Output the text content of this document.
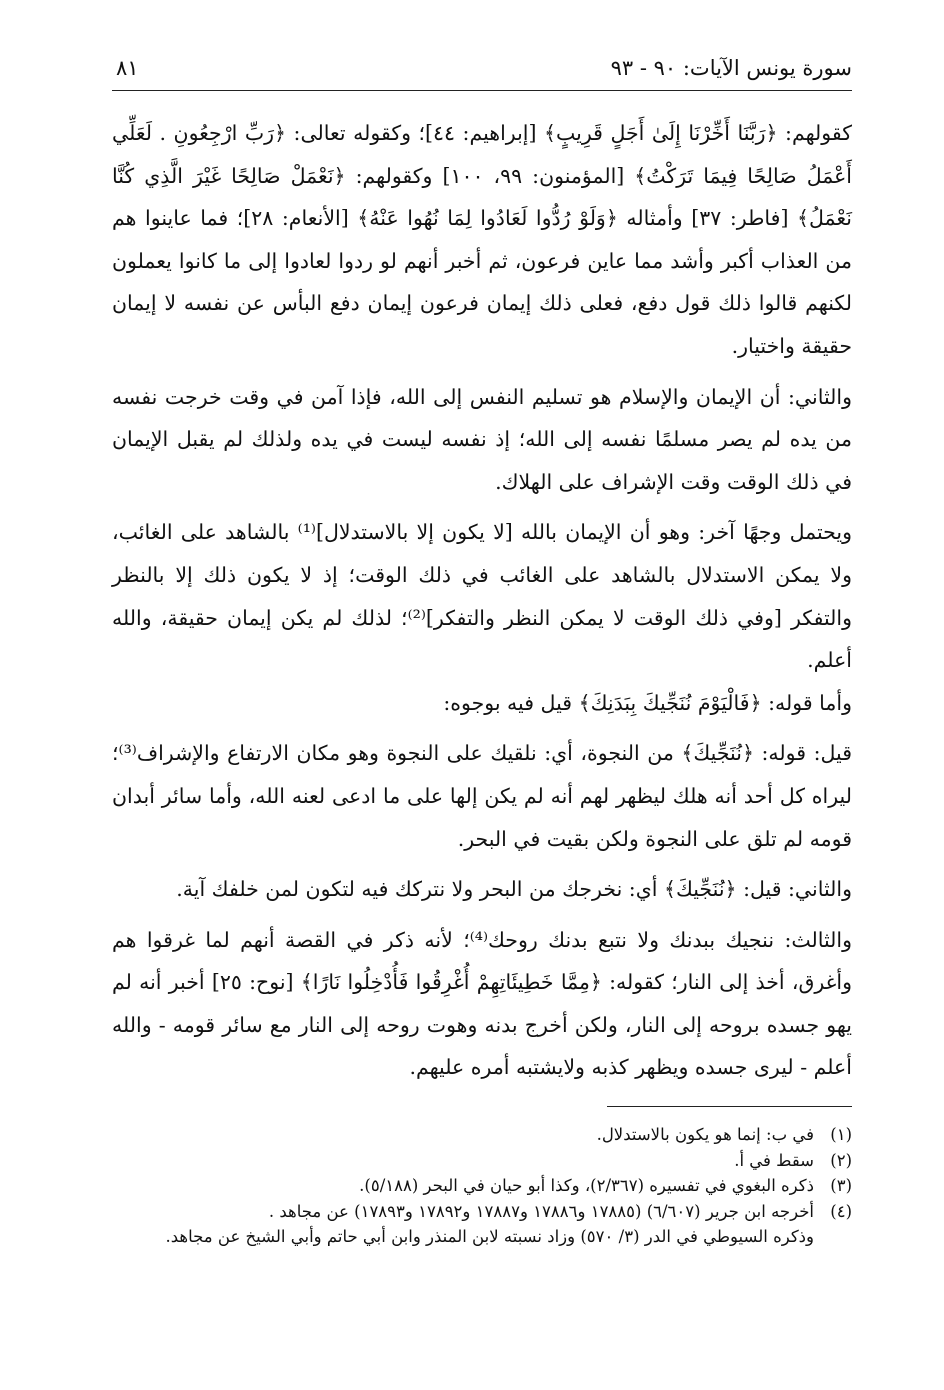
سورة يونس الآيات: ٩٠ - ٩٣
٨١

كقولهم: ﴿رَبَّنَا أَخِّرْنَا إِلَىٰ أَجَلٍ قَرِيبٍ﴾ [إبراهيم: ٤٤]؛ وكقوله تعالى: ﴿رَبِّ ارْجِعُونِ . لَعَلِّي أَعْمَلُ صَالِحًا فِيمَا تَرَكْتُ﴾ [المؤمنون: ٩٩، ١٠٠] وكقولهم: ﴿نَعْمَلْ صَالِحًا غَيْرَ الَّذِي كُنَّا نَعْمَلُ﴾ [فاطر: ٣٧] وأمثاله ﴿وَلَوْ رُدُّوا لَعَادُوا لِمَا نُهُوا عَنْهُ﴾ [الأنعام: ٢٨]؛ فما عاينوا هم من العذاب أكبر وأشد مما عاين فرعون، ثم أخبر أنهم لو ردوا لعادوا إلى ما كانوا يعملون لكنهم قالوا ذلك قول دفع، فعلى ذلك إيمان فرعون إيمان دفع البأس عن نفسه لا إيمان حقيقة واختيار.

والثاني: أن الإيمان والإسلام هو تسليم النفس إلى الله، فإذا آمن في وقت خرجت نفسه من يده لم يصر مسلمًا نفسه إلى الله؛ إذ نفسه ليست في يده ولذلك لم يقبل الإيمان في ذلك الوقت وقت الإشراف على الهلاك.

ويحتمل وجهًا آخر: وهو أن الإيمان بالله [لا يكون إلا بالاستدلال]⁽¹⁾ بالشاهد على الغائب، ولا يمكن الاستدلال بالشاهد على الغائب في ذلك الوقت؛ إذ لا يكون ذلك إلا بالنظر والتفكر [وفي ذلك الوقت لا يمكن النظر والتفكر]⁽²⁾؛ لذلك لم يكن إيمان حقيقة، والله أعلم.

وأما قوله: ﴿فَالْيَوْمَ نُنَجِّيكَ بِبَدَنِكَ﴾ قيل فيه بوجوه:

قيل: قوله: ﴿نُنَجِّيكَ﴾ من النجوة، أي: نلقيك على النجوة وهو مكان الارتفاع والإشراف⁽³⁾؛ ليراه كل أحد أنه هلك ليظهر لهم أنه لم يكن إلها على ما ادعى لعنه الله، وأما سائر أبدان قومه لم تلق على النجوة ولكن بقيت في البحر.

والثاني: قيل: ﴿نُنَجِّيكَ﴾ أي: نخرجك من البحر ولا نتركك فيه لتكون لمن خلفك آية.

والثالث: ننجيك ببدنك ولا نتبع بدنك روحك⁽⁴⁾؛ لأنه ذكر في القصة أنهم لما غرقوا هم وأغرق، أخذ إلى النار؛ كقوله: ﴿مِمَّا خَطِيئَاتِهِمْ أُغْرِقُوا فَأُدْخِلُوا نَارًا﴾ [نوح: ٢٥] أخبر أنه لم يهو جسده بروحه إلى النار، ولكن أخرج بدنه وهوت روحه إلى النار مع سائر قومه - والله أعلم - ليرى جسده ويظهر كذبه ولايشتبه أمره عليهم.

(١)
في ب: إنما هو يكون بالاستدلال.
(٢)
سقط في أ.
(٣)
ذكره البغوي في تفسيره (٢/٣٦٧)، وكذا أبو حيان في البحر (٥/١٨٨).
(٤)
أخرجه ابن جرير (٦/٦٠٧) (١٧٨٨٥ و١٧٨٨٦ و١٧٨٨٧ و١٧٨٩٢ و١٧٨٩٣) عن مجاهد .
وذكره السيوطي في الدر (٣/ ٥٧٠) وزاد نسبته لابن المنذر وابن أبي حاتم وأبي الشيخ عن مجاهد.
